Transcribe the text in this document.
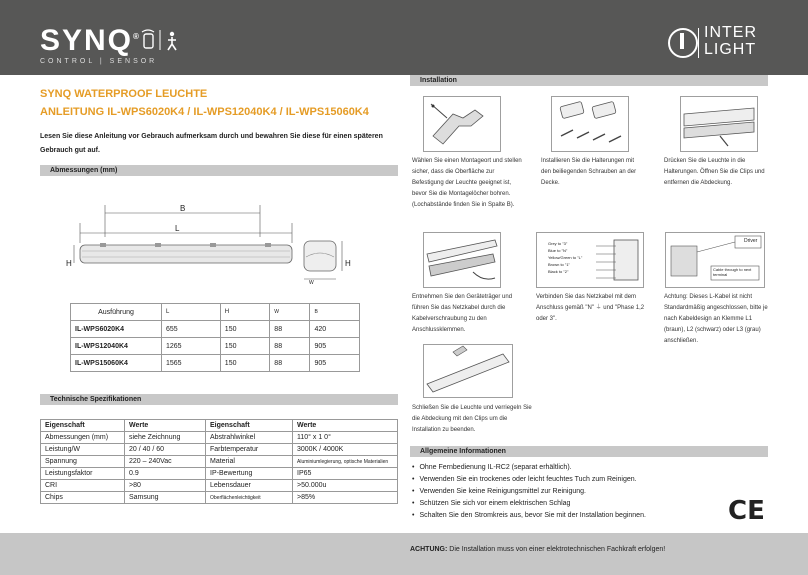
SYNQ®
CONTROL | SENSOR
INTER
LIGHT
SYNQ WATERPROOF LEUCHTE
ANLEITUNG IL-WPS6020K4 / IL-WPS12040K4 / IL-WPS15060K4
Lesen Sie diese Anleitung vor Gebrauch aufmerksam durch und bewahren Sie diese für einen späteren Gebrauch gut auf.
Abmessungen (mm)
B
L
H	H
W
Ausführung	L	H	W	B
IL-WPS6020K4	655	150	88	420
IL-WPS12040K4	1265	150	88	905
IL-WPS15060K4	1565	150	88	905
Technische Spezifikationen
Eigenschaft	Werte	Eigenschaft	Werte
Abmessungen (mm)	siehe Zeichnung	Abstrahlwinkel	110° x 1 0°
Leistung/W	20 / 40 / 60	Farbtemperatur	3000K / 4000K
Spannung	220 – 240Vac	Material	Aluminiumlegierung, optische Materialien
Leistungsfaktor	0.9	IP-Bewertung	IP65
CRI	>80	Lebensdauer	>50.000u
Chips	Samsung	Oberflächenleichtigkeit	>85%
Installation
Grey to "3"
Blue to "N"
Yellow/Green to "L"
Brown to "1"
Black to "2"
Driver
Cable through to next terminal
Wählen Sie einen Montageort und stellen sicher, dass die Oberfläche zur Befestigung der Leuchte geeignet ist, bevor Sie die Montagelöcher bohren. (Lochabstände finden Sie in Spalte B).
Installieren Sie die Halterungen mit den beiliegenden Schrauben an der Decke.
Drücken Sie die Leuchte in die Halterungen. Öffnen Sie die Clips und entfernen die Abdeckung.
Entnehmen Sie den Geräteträger und führen Sie das Netzkabel durch die Kabelverschraubung zu den Anschlussklemmen.
Verbinden Sie das Netzkabel mit dem Anschluss gemäß "N" ⏚ und "Phase 1,2 oder 3".
Achtung: Dieses L-Kabel ist nicht Standardmäßig angeschlossen, bitte je nach Kabeldesign an Klemme L1 (braun), L2 (schwarz) oder L3 (grau) anschließen.
Schließen Sie die Leuchte und verriegeln Sie die Abdeckung mit den Clips um die Installation zu beenden.
Allgemeine Informationen
• Ohne Fernbedienung IL-RC2 (separat erhältlich).
• Verwenden Sie ein trockenes oder leicht feuchtes Tuch zum Reinigen.
• Verwenden Sie keine Reinigungsmittel zur Reinigung.
• Schützen Sie sich vor einem elektrischen Schlag
• Schalten Sie den Stromkreis aus, bevor Sie mit der Installation beginnen.	CE
ACHTUNG: Die Installation muss von einer elektrotechnischen Fachkraft erfolgen!
